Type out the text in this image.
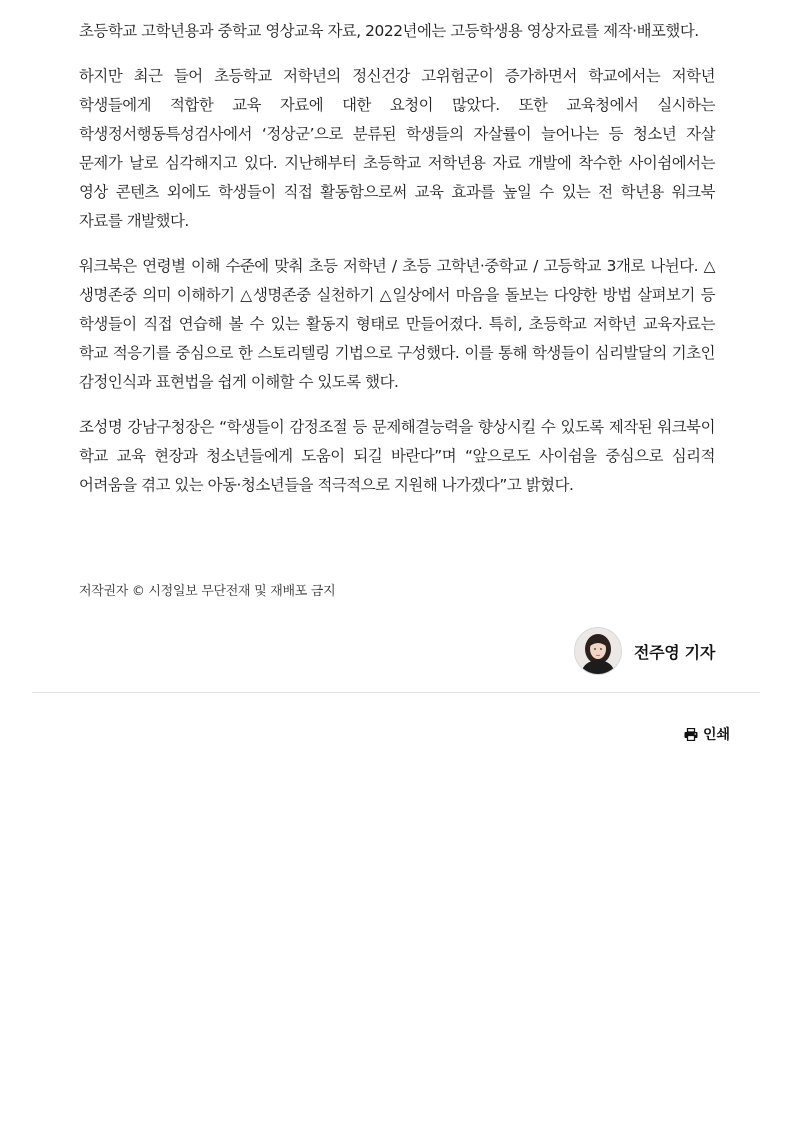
초등학교 고학년용과 중학교 영상교육 자료, 2022년에는 고등학생용 영상자료를 제작·배포했다.

하지만 최근 들어 초등학교 저학년의 정신건강 고위험군이 증가하면서 학교에서는 저학년 학생들에게 적합한 교육 자료에 대한 요청이 많았다. 또한 교육청에서 실시하는 학생정서행동특성검사에서 ‘정상군’으로 분류된 학생들의 자살률이 늘어나는 등 청소년 자살 문제가 날로 심각해지고 있다. 지난해부터 초등학교 저학년용 자료 개발에 착수한 사이쉼에서는 영상 콘텐츠 외에도 학생들이 직접 활동함으로써 교육 효과를 높일 수 있는 전 학년용 워크북 자료를 개발했다.

워크북은 연령별 이해 수준에 맞춰 초등 저학년 / 초등 고학년·중학교 / 고등학교 3개로 나뉜다. △생명존중 의미 이해하기 △생명존중 실천하기 △일상에서 마음을 돌보는 다양한 방법 살펴보기 등 학생들이 직접 연습해 볼 수 있는 활동지 형태로 만들어졌다. 특히, 초등학교 저학년 교육자료는 학교 적응기를 중심으로 한 스토리텔링 기법으로 구성했다. 이를 통해 학생들이 심리발달의 기초인 감정인식과 표현법을 쉽게 이해할 수 있도록 했다.

조성명 강남구청장은 “학생들이 감정조절 등 문제해결능력을 향상시킬 수 있도록 제작된 워크북이 학교 교육 현장과 청소년들에게 도움이 되길 바란다”며 “앞으로도 사이쉼을 중심으로 심리적 어려움을 겪고 있는 아동·청소년들을 적극적으로 지원해 나가겠다”고 밝혔다.

저작권자 © 시정일보 무단전재 및 재배포 금지
전주영 기자
인쇄
